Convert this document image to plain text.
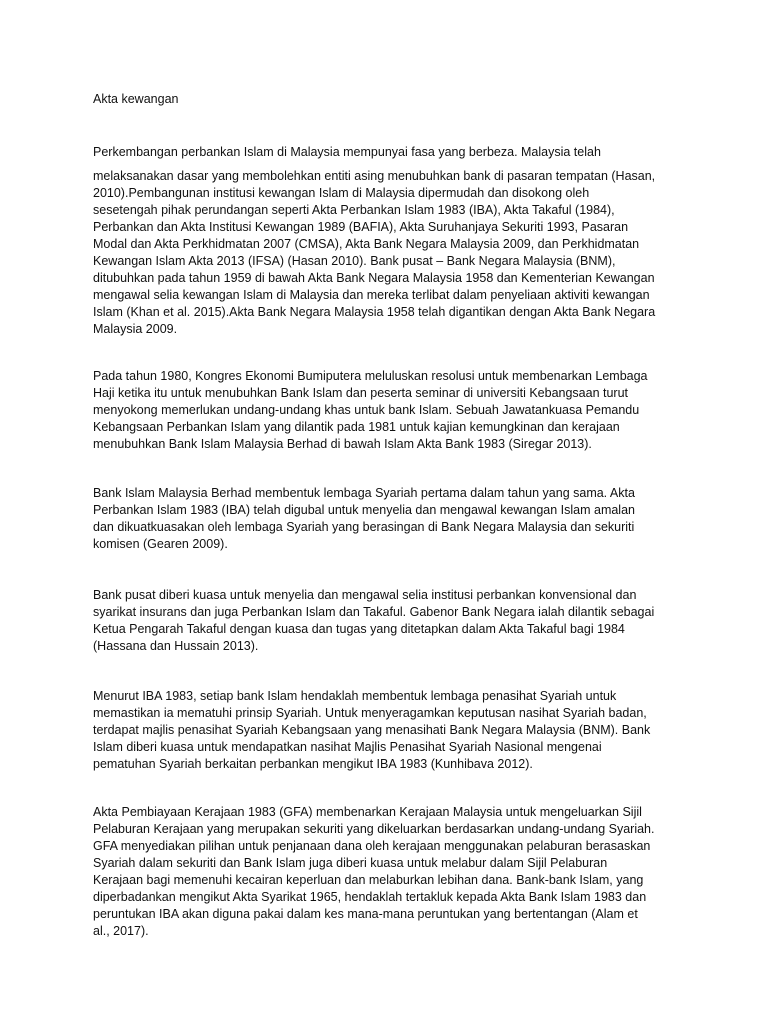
Akta kewangan

Perkembangan perbankan Islam di Malaysia mempunyai fasa yang berbeza. Malaysia telah

melaksanakan dasar yang membolehkan entiti asing menubuhkan bank di pasaran tempatan (Hasan,
2010).Pembangunan institusi kewangan Islam di Malaysia dipermudah dan disokong oleh
sesetengah pihak perundangan seperti Akta Perbankan Islam 1983 (IBA), Akta Takaful (1984),
Perbankan dan Akta Institusi Kewangan 1989 (BAFIA), Akta Suruhanjaya Sekuriti 1993, Pasaran
Modal dan Akta Perkhidmatan 2007 (CMSA), Akta Bank Negara Malaysia 2009, dan Perkhidmatan
Kewangan Islam Akta 2013 (IFSA) (Hasan 2010). Bank pusat – Bank Negara Malaysia (BNM),
ditubuhkan pada tahun 1959 di bawah Akta Bank Negara Malaysia 1958 dan Kementerian Kewangan
mengawal selia kewangan Islam di Malaysia dan mereka terlibat dalam penyeliaan aktiviti kewangan
Islam (Khan et al. 2015).Akta Bank Negara Malaysia 1958 telah digantikan dengan Akta Bank Negara
Malaysia 2009.
Pada tahun 1980, Kongres Ekonomi Bumiputera meluluskan resolusi untuk membenarkan Lembaga
Haji ketika itu untuk menubuhkan Bank Islam dan peserta seminar di universiti Kebangsaan turut
menyokong memerlukan undang-undang khas untuk bank Islam. Sebuah Jawatankuasa Pemandu
Kebangsaan Perbankan Islam yang dilantik pada 1981 untuk kajian kemungkinan dan kerajaan
menubuhkan Bank Islam Malaysia Berhad di bawah Islam Akta Bank 1983 (Siregar 2013).
Bank Islam Malaysia Berhad membentuk lembaga Syariah pertama dalam tahun yang sama. Akta
Perbankan Islam 1983 (IBA) telah digubal untuk menyelia dan mengawal kewangan Islam amalan
dan dikuatkuasakan oleh lembaga Syariah yang berasingan di Bank Negara Malaysia dan sekuriti
komisen (Gearen 2009).
Bank pusat diberi kuasa untuk menyelia dan mengawal selia institusi perbankan konvensional dan
syarikat insurans dan juga Perbankan Islam dan Takaful. Gabenor Bank Negara ialah dilantik sebagai
Ketua Pengarah Takaful dengan kuasa dan tugas yang ditetapkan dalam Akta Takaful bagi 1984
(Hassana dan Hussain 2013).
Menurut IBA 1983, setiap bank Islam hendaklah membentuk lembaga penasihat Syariah untuk
memastikan ia mematuhi prinsip Syariah. Untuk menyeragamkan keputusan nasihat Syariah badan,
terdapat majlis penasihat Syariah Kebangsaan yang menasihati Bank Negara Malaysia (BNM). Bank
Islam diberi kuasa untuk mendapatkan nasihat Majlis Penasihat Syariah Nasional mengenai
pematuhan Syariah berkaitan perbankan mengikut IBA 1983 (Kunhibava 2012).
Akta Pembiayaan Kerajaan 1983 (GFA) membenarkan Kerajaan Malaysia untuk mengeluarkan Sijil
Pelaburan Kerajaan yang merupakan sekuriti yang dikeluarkan berdasarkan undang-undang Syariah.
GFA menyediakan pilihan untuk penjanaan dana oleh kerajaan menggunakan pelaburan berasaskan
Syariah dalam sekuriti dan Bank Islam juga diberi kuasa untuk melabur dalam Sijil Pelaburan
Kerajaan bagi memenuhi kecairan keperluan dan melaburkan lebihan dana. Bank-bank Islam, yang
diperbadankan mengikut Akta Syarikat 1965, hendaklah tertakluk kepada Akta Bank Islam 1983 dan
peruntukan IBA akan diguna pakai dalam kes mana-mana peruntukan yang bertentangan (Alam et
al., 2017).
